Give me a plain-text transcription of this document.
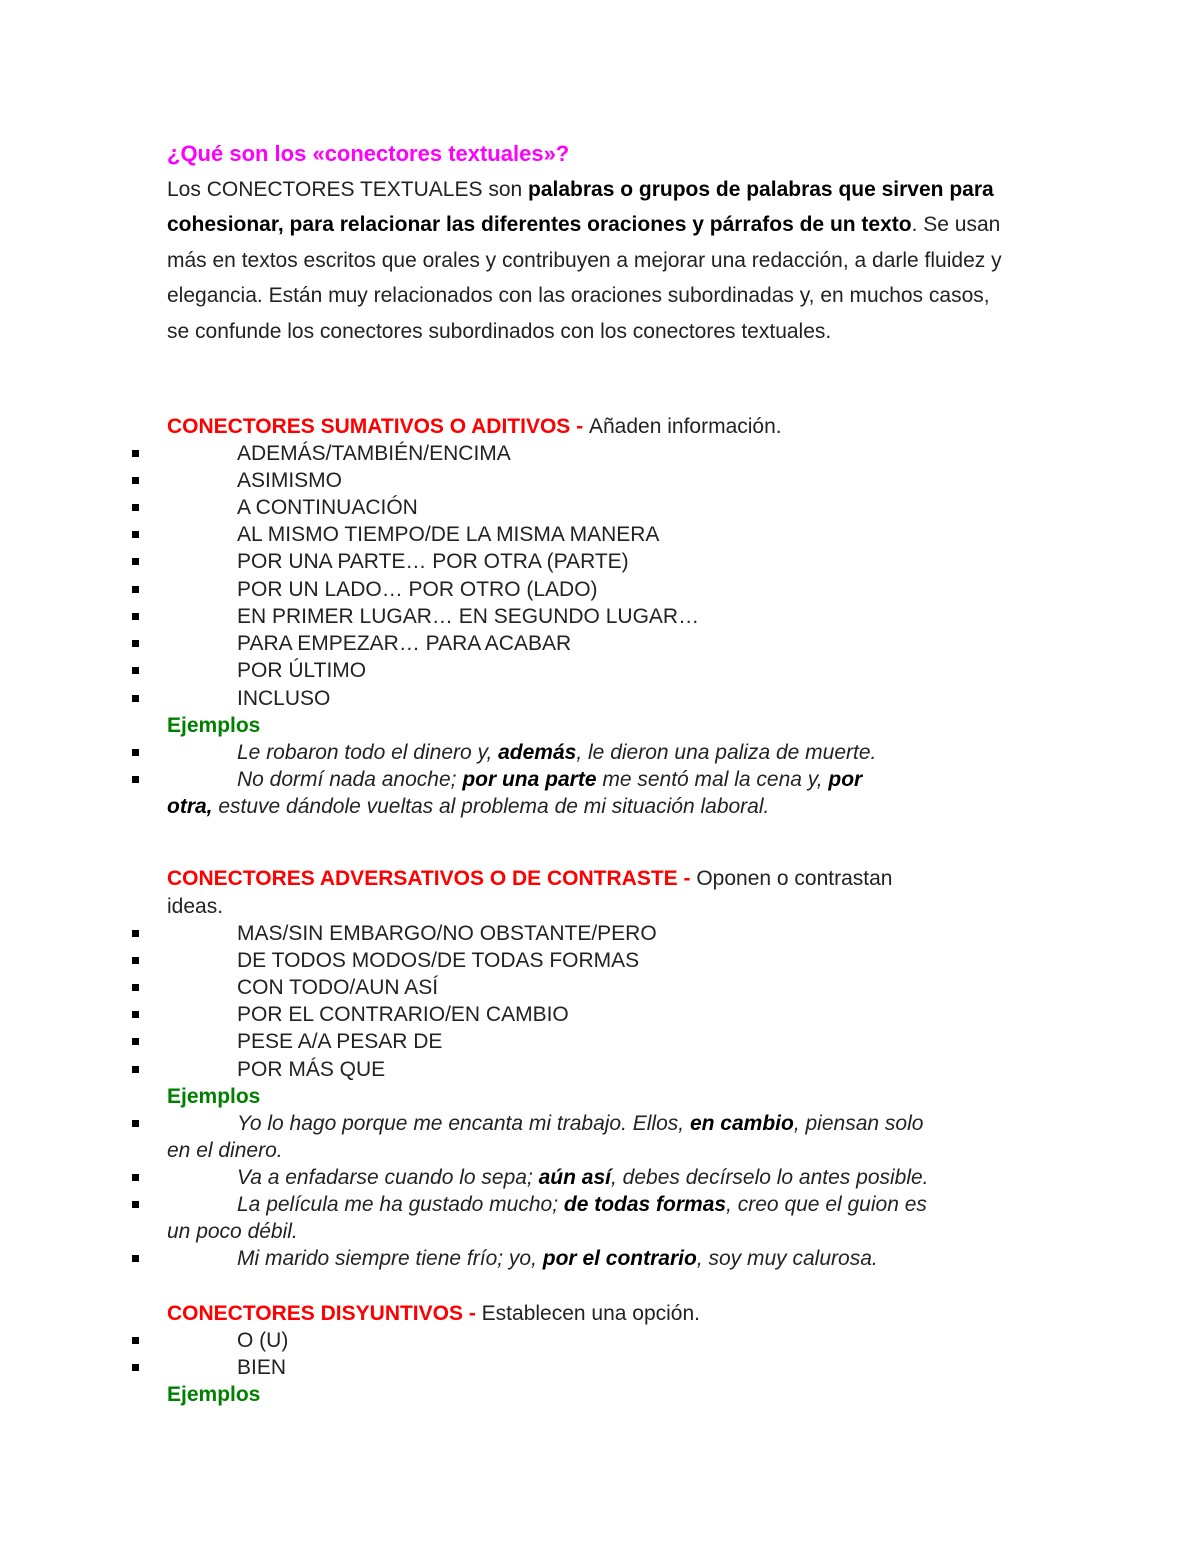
¿Qué son los «conectores textuales»?
Los CONECTORES TEXTUALES son palabras o grupos de palabras que sirven para cohesionar, para relacionar las diferentes oraciones y párrafos de un texto. Se usan más en textos escritos que orales y contribuyen a mejorar una redacción, a darle fluidez y elegancia. Están muy relacionados con las oraciones subordinadas y, en muchos casos, se confunde los conectores subordinados con los conectores textuales.
CONECTORES SUMATIVOS O ADITIVOS - Añaden información.
ADEMÁS/TAMBIÉN/ENCIMA
ASIMISMO
A CONTINUACIÓN
AL MISMO TIEMPO/DE LA MISMA MANERA
POR UNA PARTE… POR OTRA (PARTE)
POR UN LADO… POR OTRO (LADO)
EN PRIMER LUGAR… EN SEGUNDO LUGAR…
PARA EMPEZAR… PARA ACABAR
POR ÚLTIMO
INCLUSO
Ejemplos
Le robaron todo el dinero y, además, le dieron una paliza de muerte.
No dormí nada anoche; por una parte me sentó mal la cena y, por
otra, estuve dándole vueltas al problema de mi situación laboral.
CONECTORES ADVERSATIVOS O DE CONTRASTE - Oponen o contrastan
ideas.
MAS/SIN EMBARGO/NO OBSTANTE/PERO
DE TODOS MODOS/DE TODAS FORMAS
CON TODO/AUN ASÍ
POR EL CONTRARIO/EN CAMBIO
PESE A/A PESAR DE
POR MÁS QUE
Ejemplos
Yo lo hago porque me encanta mi trabajo. Ellos, en cambio, piensan solo
en el dinero.
Va a enfadarse cuando lo sepa; aún así, debes decírselo lo antes posible.
La película me ha gustado mucho; de todas formas, creo que el guion es
un poco débil.
Mi marido siempre tiene frío; yo, por el contrario, soy muy calurosa.
CONECTORES DISYUNTIVOS - Establecen una opción.
O (U)
BIEN
Ejemplos
